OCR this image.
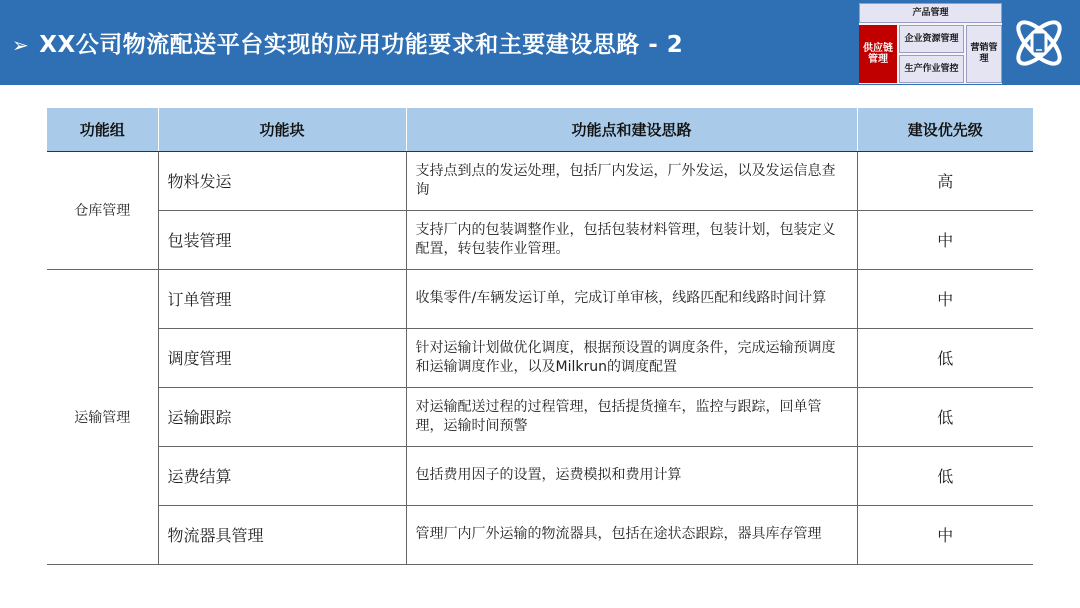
➢ XX公司物流配送平台实现的应用功能要求和主要建设思路 - 2
产品管理
供应链管理
企业资源管理
生产作业管控
营销管理
功能组	功能块	功能点和建设思路	建设优先级
仓库管理	物料发运	支持点到点的发运处理，包括厂内发运，厂外发运，以及发运信息查询	高
	包装管理	支持厂内的包装调整作业，包括包装材料管理，包装计划，包装定义配置，转包装作业管理。	中
运输管理	订单管理	收集零件/车辆发运订单，完成订单审核，线路匹配和线路时间计算	中
	调度管理	针对运输计划做优化调度，根据预设置的调度条件，完成运输预调度和运输调度作业，以及Milkrun的调度配置	低
	运输跟踪	对运输配送过程的过程管理，包括提货撞车，监控与跟踪，回单管理，运输时间预警	低
	运费结算	包括费用因子的设置，运费模拟和费用计算	低
	物流器具管理	管理厂内厂外运输的物流器具，包括在途状态跟踪，器具库存管理	中
